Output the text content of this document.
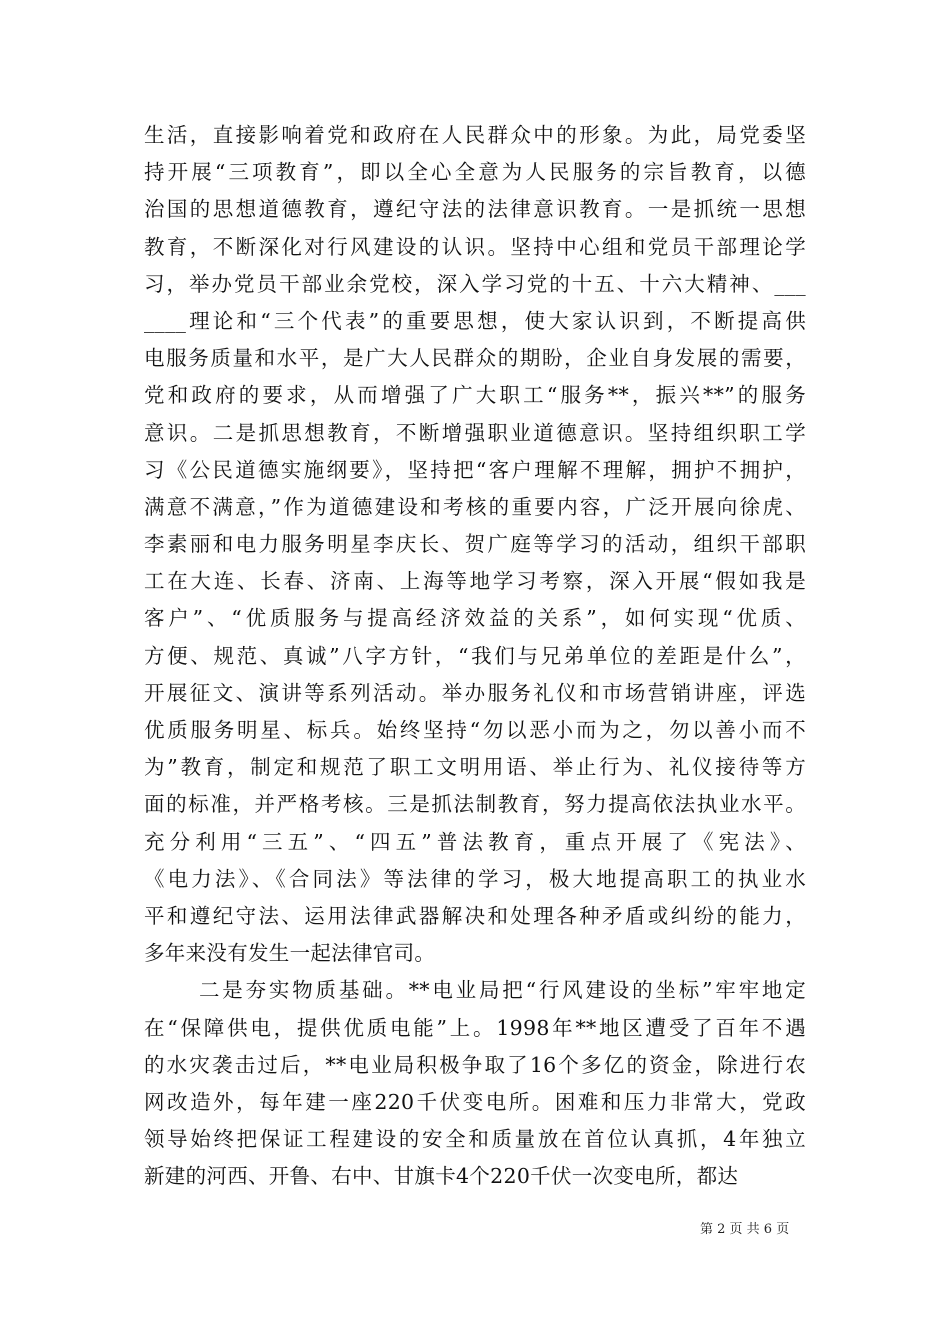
生活，直接影响着党和政府在人民群众中的形象。为此，局党委坚
持开展“三项教育”，即以全心全意为人民服务的宗旨教育，以德
治国的思想道德教育，遵纪守法的法律意识教育。一是抓统一思想
教育，不断深化对行风建设的认识。坚持中心组和党员干部理论学
习，举办党员干部业余党校，深入学习党的十五、十六大精神、___
____理论和“三个代表”的重要思想，使大家认识到，不断提高供
电服务质量和水平，是广大人民群众的期盼，企业自身发展的需要，
党和政府的要求，从而增强了广大职工“服务**，振兴**”的服务
意识。二是抓思想教育，不断增强职业道德意识。坚持组织职工学
习《公民道德实施纲要》，坚持把“客户理解不理解，拥护不拥护，
满意不满意，”作为道德建设和考核的重要内容，广泛开展向徐虎、
李素丽和电力服务明星李庆长、贺广庭等学习的活动，组织干部职
工在大连、长春、济南、上海等地学习考察，深入开展“假如我是
客户”、“优质服务与提高经济效益的关系”，如何实现“优质、
方便、规范、真诚”八字方针，“我们与兄弟单位的差距是什么”，
开展征文、演讲等系列活动。举办服务礼仪和市场营销讲座，评选
优质服务明星、标兵。始终坚持“勿以恶小而为之，勿以善小而不
为”教育，制定和规范了职工文明用语、举止行为、礼仪接待等方
面的标准，并严格考核。三是抓法制教育，努力提高依法执业水平。
充分利用“三五”、“四五”普法教育，重点开展了《宪法》、
《电力法》、《合同法》等法律的学习，极大地提高职工的执业水
平和遵纪守法、运用法律武器解决和处理各种矛盾或纠纷的能力，
多年来没有发生一起法律官司。
二是夯实物质基础。**电业局把“行风建设的坐标”牢牢地定
在“保障供电，提供优质电能”上。1998年**地区遭受了百年不遇
的水灾袭击过后，**电业局积极争取了16个多亿的资金，除进行农
网改造外，每年建一座220千伏变电所。困难和压力非常大，党政
领导始终把保证工程建设的安全和质量放在首位认真抓，4年独立
新建的河西、开鲁、右中、甘旗卡4个220千伏一次变电所，都达
第 2 页 共 6 页
